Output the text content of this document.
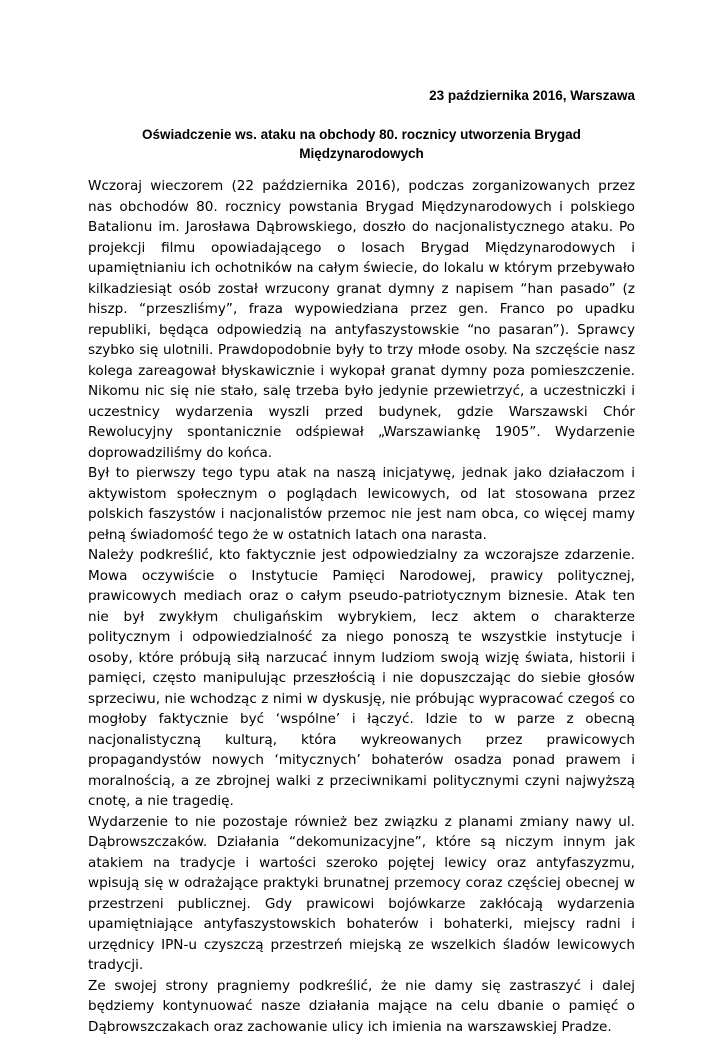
23 października 2016, Warszawa
Oświadczenie ws. ataku na obchody 80. rocznicy utworzenia Brygad Międzynarodowych

Wczoraj wieczorem (22 października 2016), podczas zorganizowanych przez nas obchodów 80. rocznicy powstania Brygad Międzynarodowych i polskiego Batalionu im. Jarosława Dąbrowskiego, doszło do nacjonalistycznego ataku. Po projekcji filmu opowiadającego o losach Brygad Międzynarodowych i upamiętnianiu ich ochotników na całym świecie, do lokalu w którym przebywało kilkadziesiąt osób został wrzucony granat dymny z napisem “han pasado” (z hiszp. “przeszliśmy”, fraza wypowiedziana przez gen. Franco po upadku republiki, będąca odpowiedzią na antyfaszystowskie “no pasaran”). Sprawcy szybko się ulotnili. Prawdopodobnie były to trzy młode osoby. Na szczęście nasz kolega zareagował błyskawicznie i wykopał granat dymny poza pomieszczenie. Nikomu nic się nie stało, salę trzeba było jedynie przewietrzyć, a uczestniczki i uczestnicy wydarzenia wyszli przed budynek, gdzie Warszawski Chór Rewolucyjny spontanicznie odśpiewał „Warszawiankę 1905”. Wydarzenie doprowadziliśmy do końca.

Był to pierwszy tego typu atak na naszą inicjatywę, jednak jako działaczom i aktywistom społecznym o poglądach lewicowych, od lat stosowana przez polskich faszystów i nacjonalistów przemoc nie jest nam obca, co więcej mamy pełną świadomość tego że w ostatnich latach ona narasta.

Należy podkreślić, kto faktycznie jest odpowiedzialny za wczorajsze zdarzenie. Mowa oczywiście o Instytucie Pamięci Narodowej, prawicy politycznej, prawicowych mediach oraz o całym pseudo-patriotycznym biznesie. Atak ten nie był zwykłym chuligańskim wybrykiem, lecz aktem o charakterze politycznym i odpowiedzialność za niego ponoszą te wszystkie instytucje i osoby, które próbują siłą narzucać innym ludziom swoją wizję świata, historii i pamięci, często manipulując przeszłością i nie dopuszczając do siebie głosów sprzeciwu, nie wchodząc z nimi w dyskusję, nie próbując wypracować czegoś co mogłoby faktycznie być ‘wspólne’ i łączyć. Idzie to w parze z obecną nacjonalistyczną kulturą, która wykreowanych przez prawicowych propagandystów nowych ‘mitycznych’ bohaterów osadza ponad prawem i moralnością, a ze zbrojnej walki z przeciwnikami politycznymi czyni najwyższą cnotę, a nie tragedię.

Wydarzenie to nie pozostaje również bez związku z planami zmiany nawy ul. Dąbrowszczaków. Działania “dekomunizacyjne”, które są niczym innym jak atakiem na tradycje i wartości szeroko pojętej lewicy oraz antyfaszyzmu, wpisują się w odrażające praktyki brunatnej przemocy coraz częściej obecnej w przestrzeni publicznej. Gdy prawicowi bojówkarze zakłócają wydarzenia upamiętniające antyfaszystowskich bohaterów i bohaterki, miejscy radni i urzędnicy IPN-u czyszczą przestrzeń miejską ze wszelkich śladów lewicowych tradycji.

Ze swojej strony pragniemy podkreślić, że nie damy się zastraszyć i dalej będziemy kontynuować nasze działania mające na celu dbanie o pamięć o Dąbrowszczakach oraz zachowanie ulicy ich imienia na warszawskiej Pradze.
